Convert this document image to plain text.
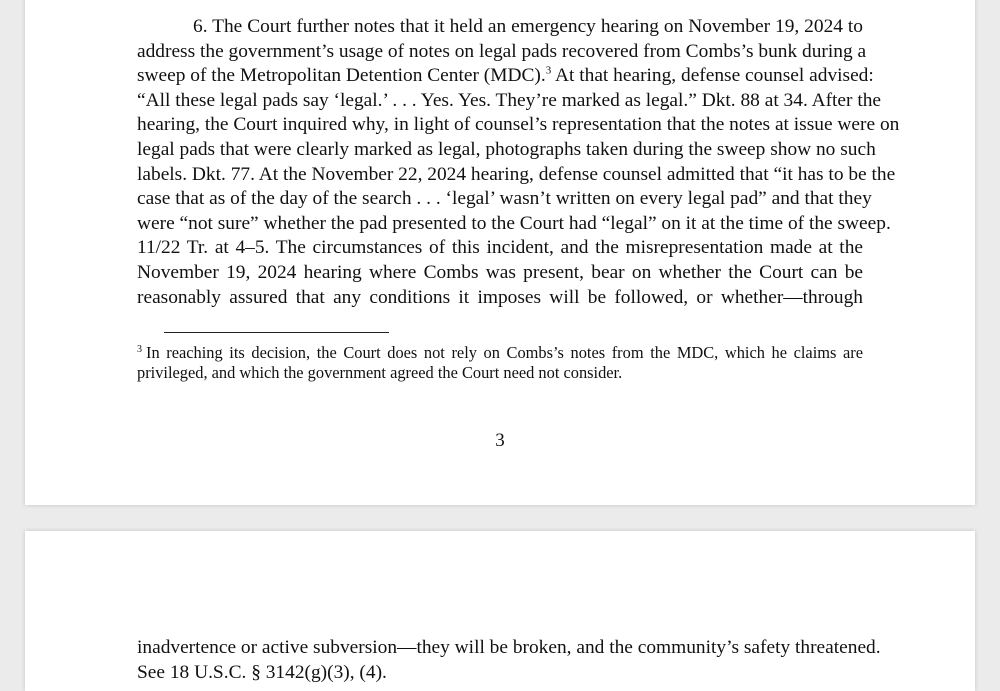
6. The Court further notes that it held an emergency hearing on November 19, 2024 to
address the government’s usage of notes on legal pads recovered from Combs’s bunk during a
sweep of the Metropolitan Detention Center (MDC).$^3$ At that hearing, defense counsel advised:
“All these legal pads say ‘legal.’ . . . Yes. Yes. They’re marked as legal.” Dkt. 88 at 34. After the
hearing, the Court inquired why, in light of counsel’s representation that the notes at issue were on
legal pads that were clearly marked as legal, photographs taken during the sweep show no such
labels. Dkt. 77. At the November 22, 2024 hearing, defense counsel admitted that “it has to be the
case that as of the day of the search . . . ‘legal’ wasn’t written on every legal pad” and that they
were “not sure” whether the pad presented to the Court had “legal” on it at the time of the sweep.
11/22 Tr. at 4–5. The circumstances of this incident, and the misrepresentation made at the
November 19, 2024 hearing where Combs was present, bear on whether the Court can be
reasonably assured that any conditions it imposes will be followed, or whether—through
$^3$ In reaching its decision, the Court does not rely on Combs’s notes from the MDC, which he claims are
privileged, and which the government agreed the Court need not consider.
3
inadvertence or active subversion—they will be broken, and the community’s safety threatened.
See 18 U.S.C. § 3142(g)(3), (4).
